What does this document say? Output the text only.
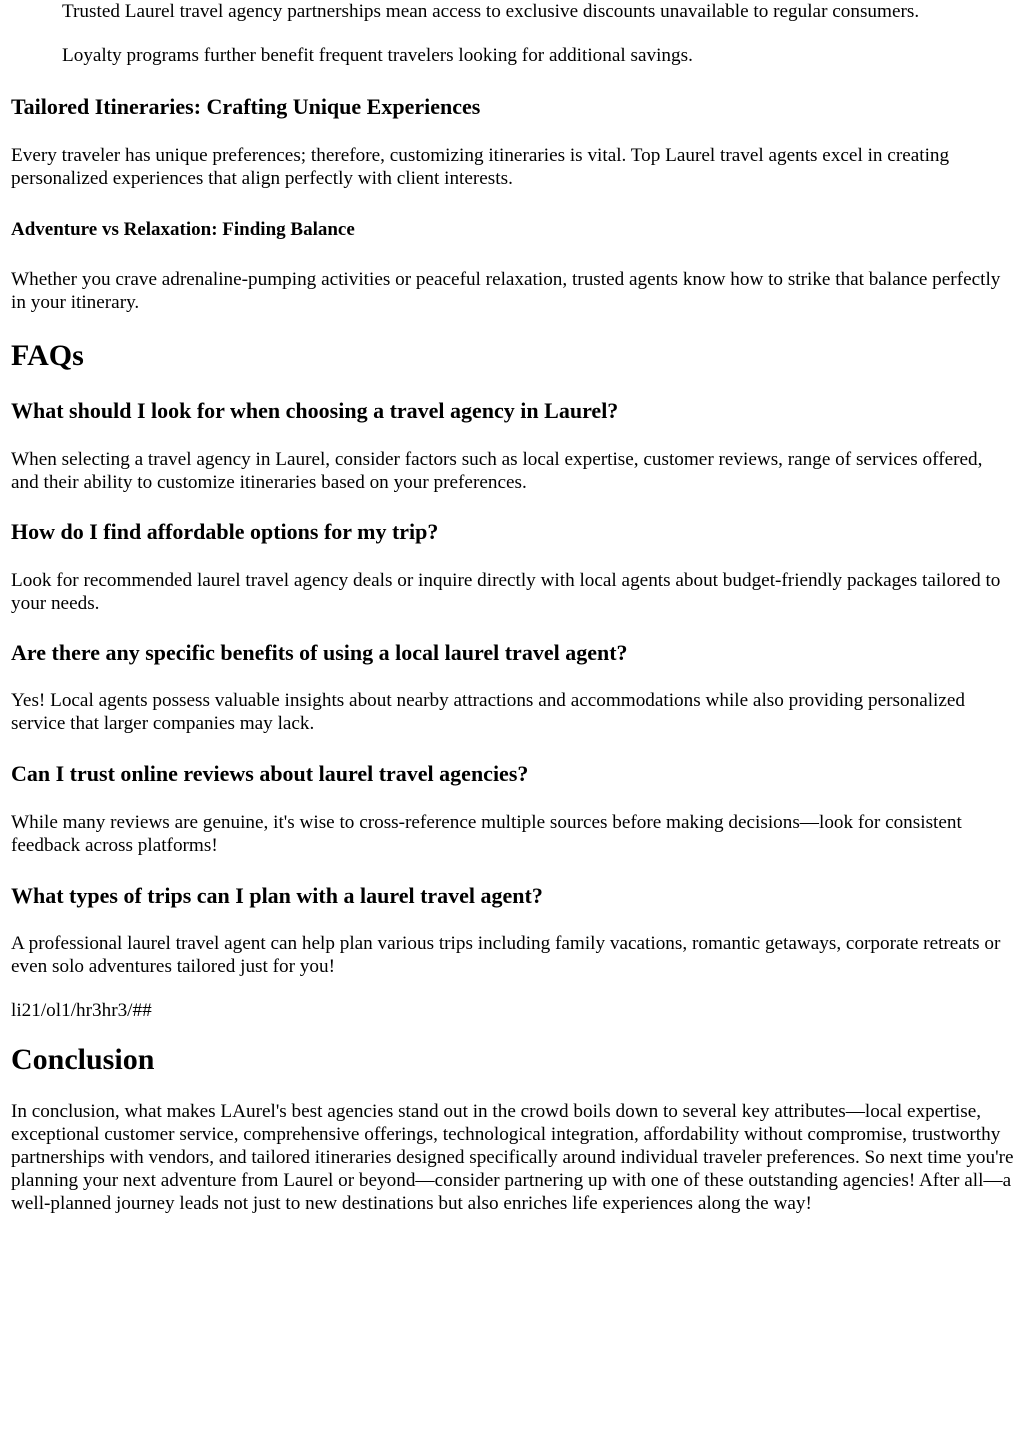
Trusted Laurel travel agency partnerships mean access to exclusive discounts unavailable to regular consumers.

Loyalty programs further benefit frequent travelers looking for additional savings.

Tailored Itineraries: Crafting Unique Experiences

Every traveler has unique preferences; therefore, customizing itineraries is vital. Top Laurel travel agents excel in creating personalized experiences that align perfectly with client interests.

Adventure vs Relaxation: Finding Balance

Whether you crave adrenaline-pumping activities or peaceful relaxation, trusted agents know how to strike that balance perfectly in your itinerary.

FAQs
What should I look for when choosing a travel agency in Laurel?

When selecting a travel agency in Laurel, consider factors such as local expertise, customer reviews, range of services offered, and their ability to customize itineraries based on your preferences.

How do I find affordable options for my trip?

Look for recommended laurel travel agency deals or inquire directly with local agents about budget-friendly packages tailored to your needs.

Are there any specific benefits of using a local laurel travel agent?

Yes! Local agents possess valuable insights about nearby attractions and accommodations while also providing personalized service that larger companies may lack.

Can I trust online reviews about laurel travel agencies?

While many reviews are genuine, it's wise to cross-reference multiple sources before making decisions—look for consistent feedback across platforms!

What types of trips can I plan with a laurel travel agent?

A professional laurel travel agent can help plan various trips including family vacations, romantic getaways, corporate retreats or even solo adventures tailored just for you!

li21/ol1/hr3hr3/##

Conclusion

In conclusion, what makes LAurel's best agencies stand out in the crowd boils down to several key attributes—local expertise, exceptional customer service, comprehensive offerings, technological integration, affordability without compromise, trustworthy partnerships with vendors, and tailored itineraries designed specifically around individual traveler preferences. So next time you're planning your next adventure from Laurel or beyond—consider partnering up with one of these outstanding agencies! After all—a well-planned journey leads not just to new destinations but also enriches life experiences along the way!
